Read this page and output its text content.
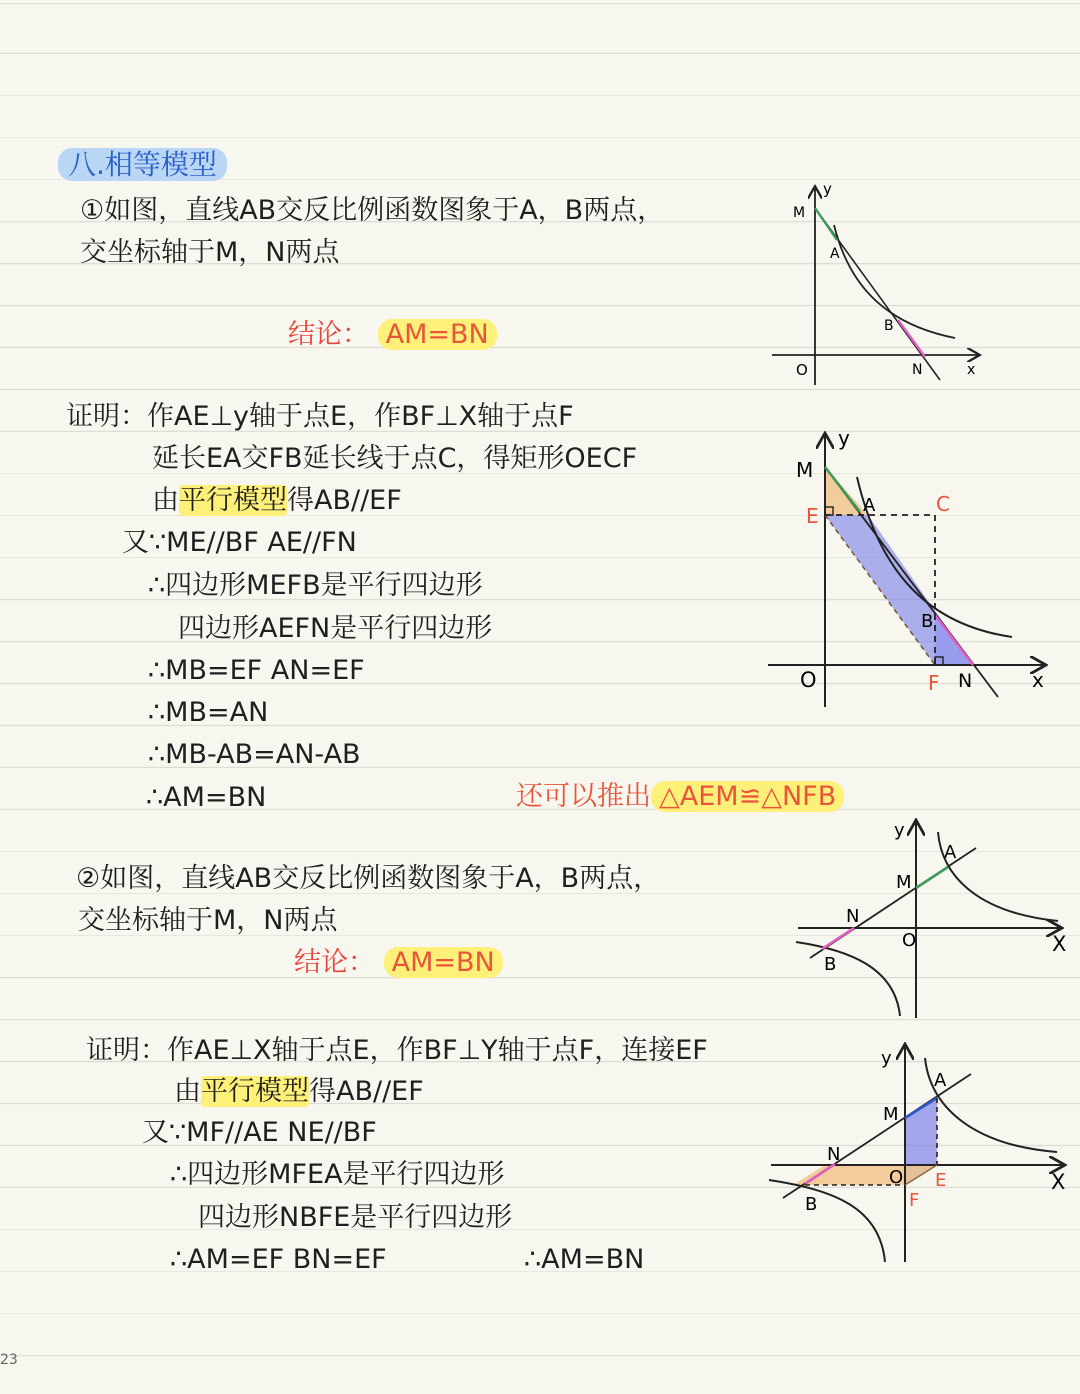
八.相等模型
①如图，直线AB交反比例函数图象于A，B两点，
交坐标轴于M，N两点
结论： AM=BN
证明：作AE⊥y轴于点E，作BF⊥X轴于点F
延长EA交FB延长线于点C，得矩形OECF
由平行模型得AB//EF
又∵ME//BF AE//FN
∴四边形MEFB是平行四边形
四边形AEFN是平行四边形
∴MB=EF AN=EF
∴MB=AN
∴MB-AB=AN-AB
∴AM=BN	还可以推出 △AEM≌△NFB
②如图，直线AB交反比例函数图象于A，B两点，
交坐标轴于M，N两点
结论： AM=BN
证明：作AE⊥X轴于点E，作BF⊥Y轴于点F，连接EF
由平行模型得AB//EF
又∵MF//AE NE//BF
∴四边形MFEA是平行四边形
四边形NBFE是平行四边形
∴AM=EF BN=EF	∴AM=BN
y
M
A
B
O	N	x
y
M
E A	C
B
O	F N	x
y
A
M
N
O
B
X
y
A
M
N
O E
F
B
X
23
